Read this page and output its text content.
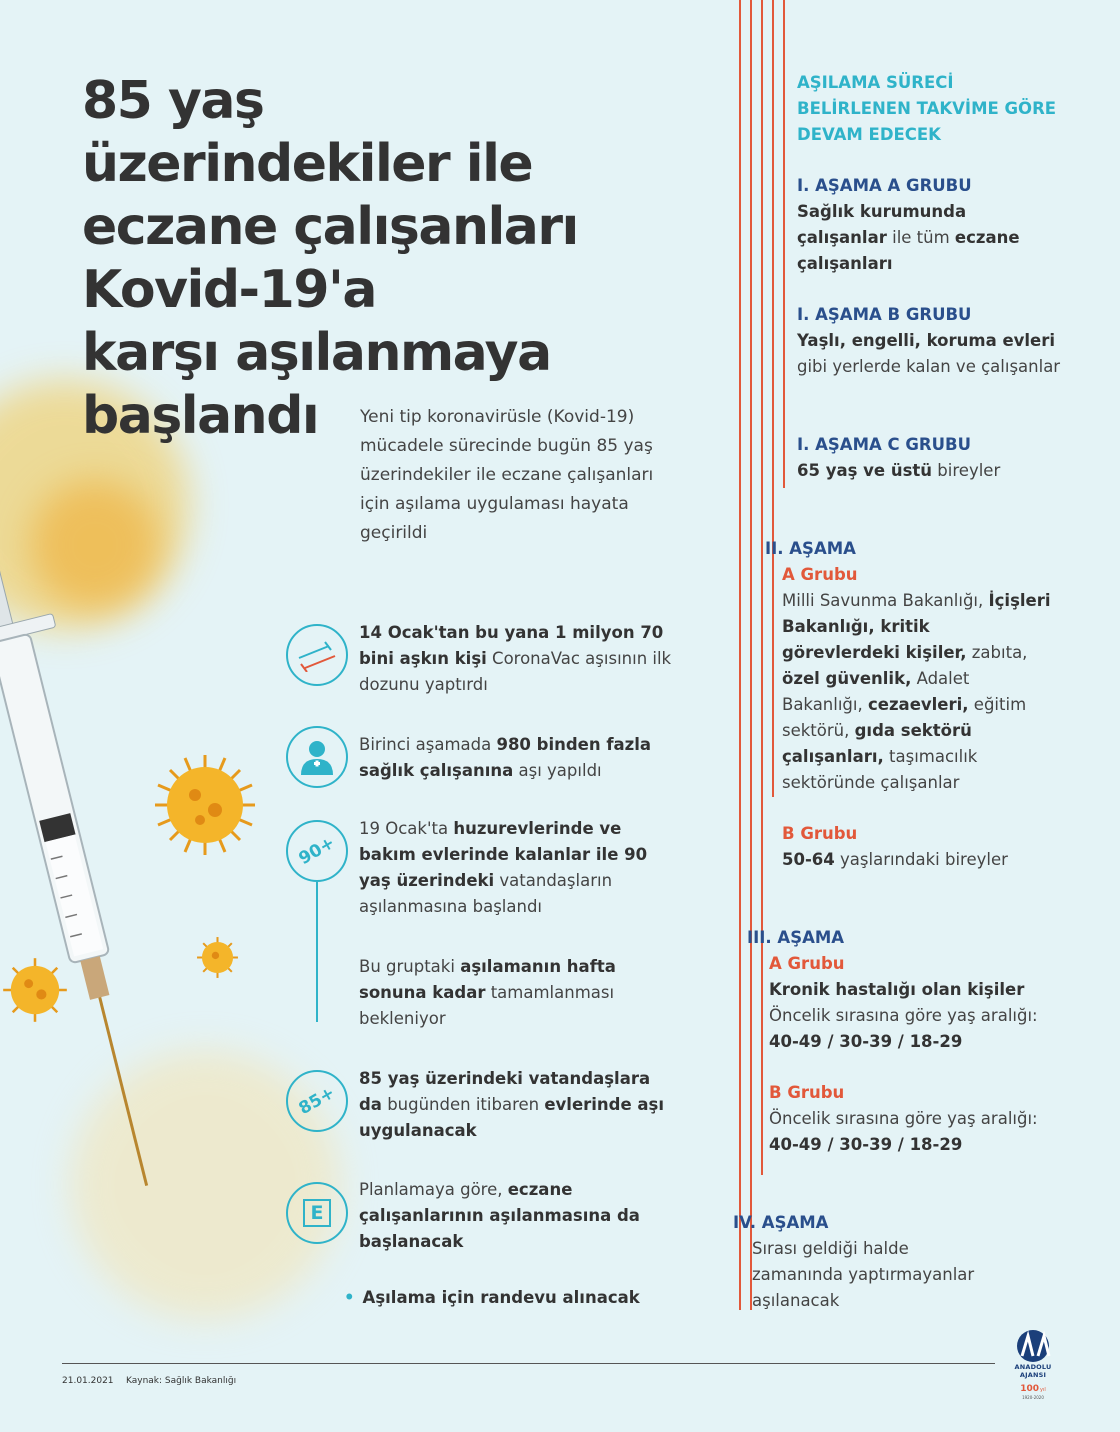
85 yaş
üzerindekiler ile
eczane çalışanları
Kovid-19'a
karşı aşılanmaya
başlandı	Yeni tip koronavirüsle (Kovid-19) mücadele sürecinde bugün 85 yaş üzerindekiler ile eczane çalışanları için aşılama uygulaması hayata geçirildi
90+
85+
E
14 Ocak'tan bu yana 1 milyon 70 bini aşkın kişi CoronaVac aşısının ilk dozunu yaptırdı
Birinci aşamada 980 binden fazla sağlık çalışanına aşı yapıldı
19 Ocak'ta huzurevlerinde ve bakım evlerinde kalanlar ile 90 yaş üzerindeki vatandaşların aşılanmasına başlandı
Bu gruptaki aşılamanın hafta sonuna kadar tamamlanması bekleniyor
85 yaş üzerindeki vatandaşlara da bugünden itibaren evlerinde aşı uygulanacak
Planlamaya göre, eczane çalışanlarının aşılanmasına da başlanacak
• Aşılama için randevu alınacak
AŞILAMA SÜRECİ
BELİRLENEN TAKVİME GÖRE
DEVAM EDECEK
I. AŞAMA A GRUBU
Sağlık kurumunda çalışanlar ile tüm eczane çalışanları
I. AŞAMA B GRUBU
Yaşlı, engelli, koruma evleri gibi yerlerde kalan ve çalışanlar
I. AŞAMA C GRUBU
65 yaş ve üstü bireyler
II. AŞAMA
A Grubu
Milli Savunma Bakanlığı, İçişleri Bakanlığı, kritik görevlerdeki kişiler, zabıta, özel güvenlik, Adalet Bakanlığı, cezaevleri, eğitim sektörü, gıda sektörü çalışanları, taşımacılık sektöründe çalışanlar
B Grubu
50-64 yaşlarındaki bireyler
III. AŞAMA
A Grubu
Kronik hastalığı olan kişiler
Öncelik sırasına göre yaş aralığı:
40-49 / 30-39 / 18-29
B Grubu
Öncelik sırasına göre yaş aralığı:
40-49 / 30-39 / 18-29
IV. AŞAMA
Sırası geldiği halde zamanında yaptırmayanlar aşılanacak
21.01.2021 Kaynak: Sağlık Bakanlığı
ANADOLU AJANSI
100yıl
1920-2020
